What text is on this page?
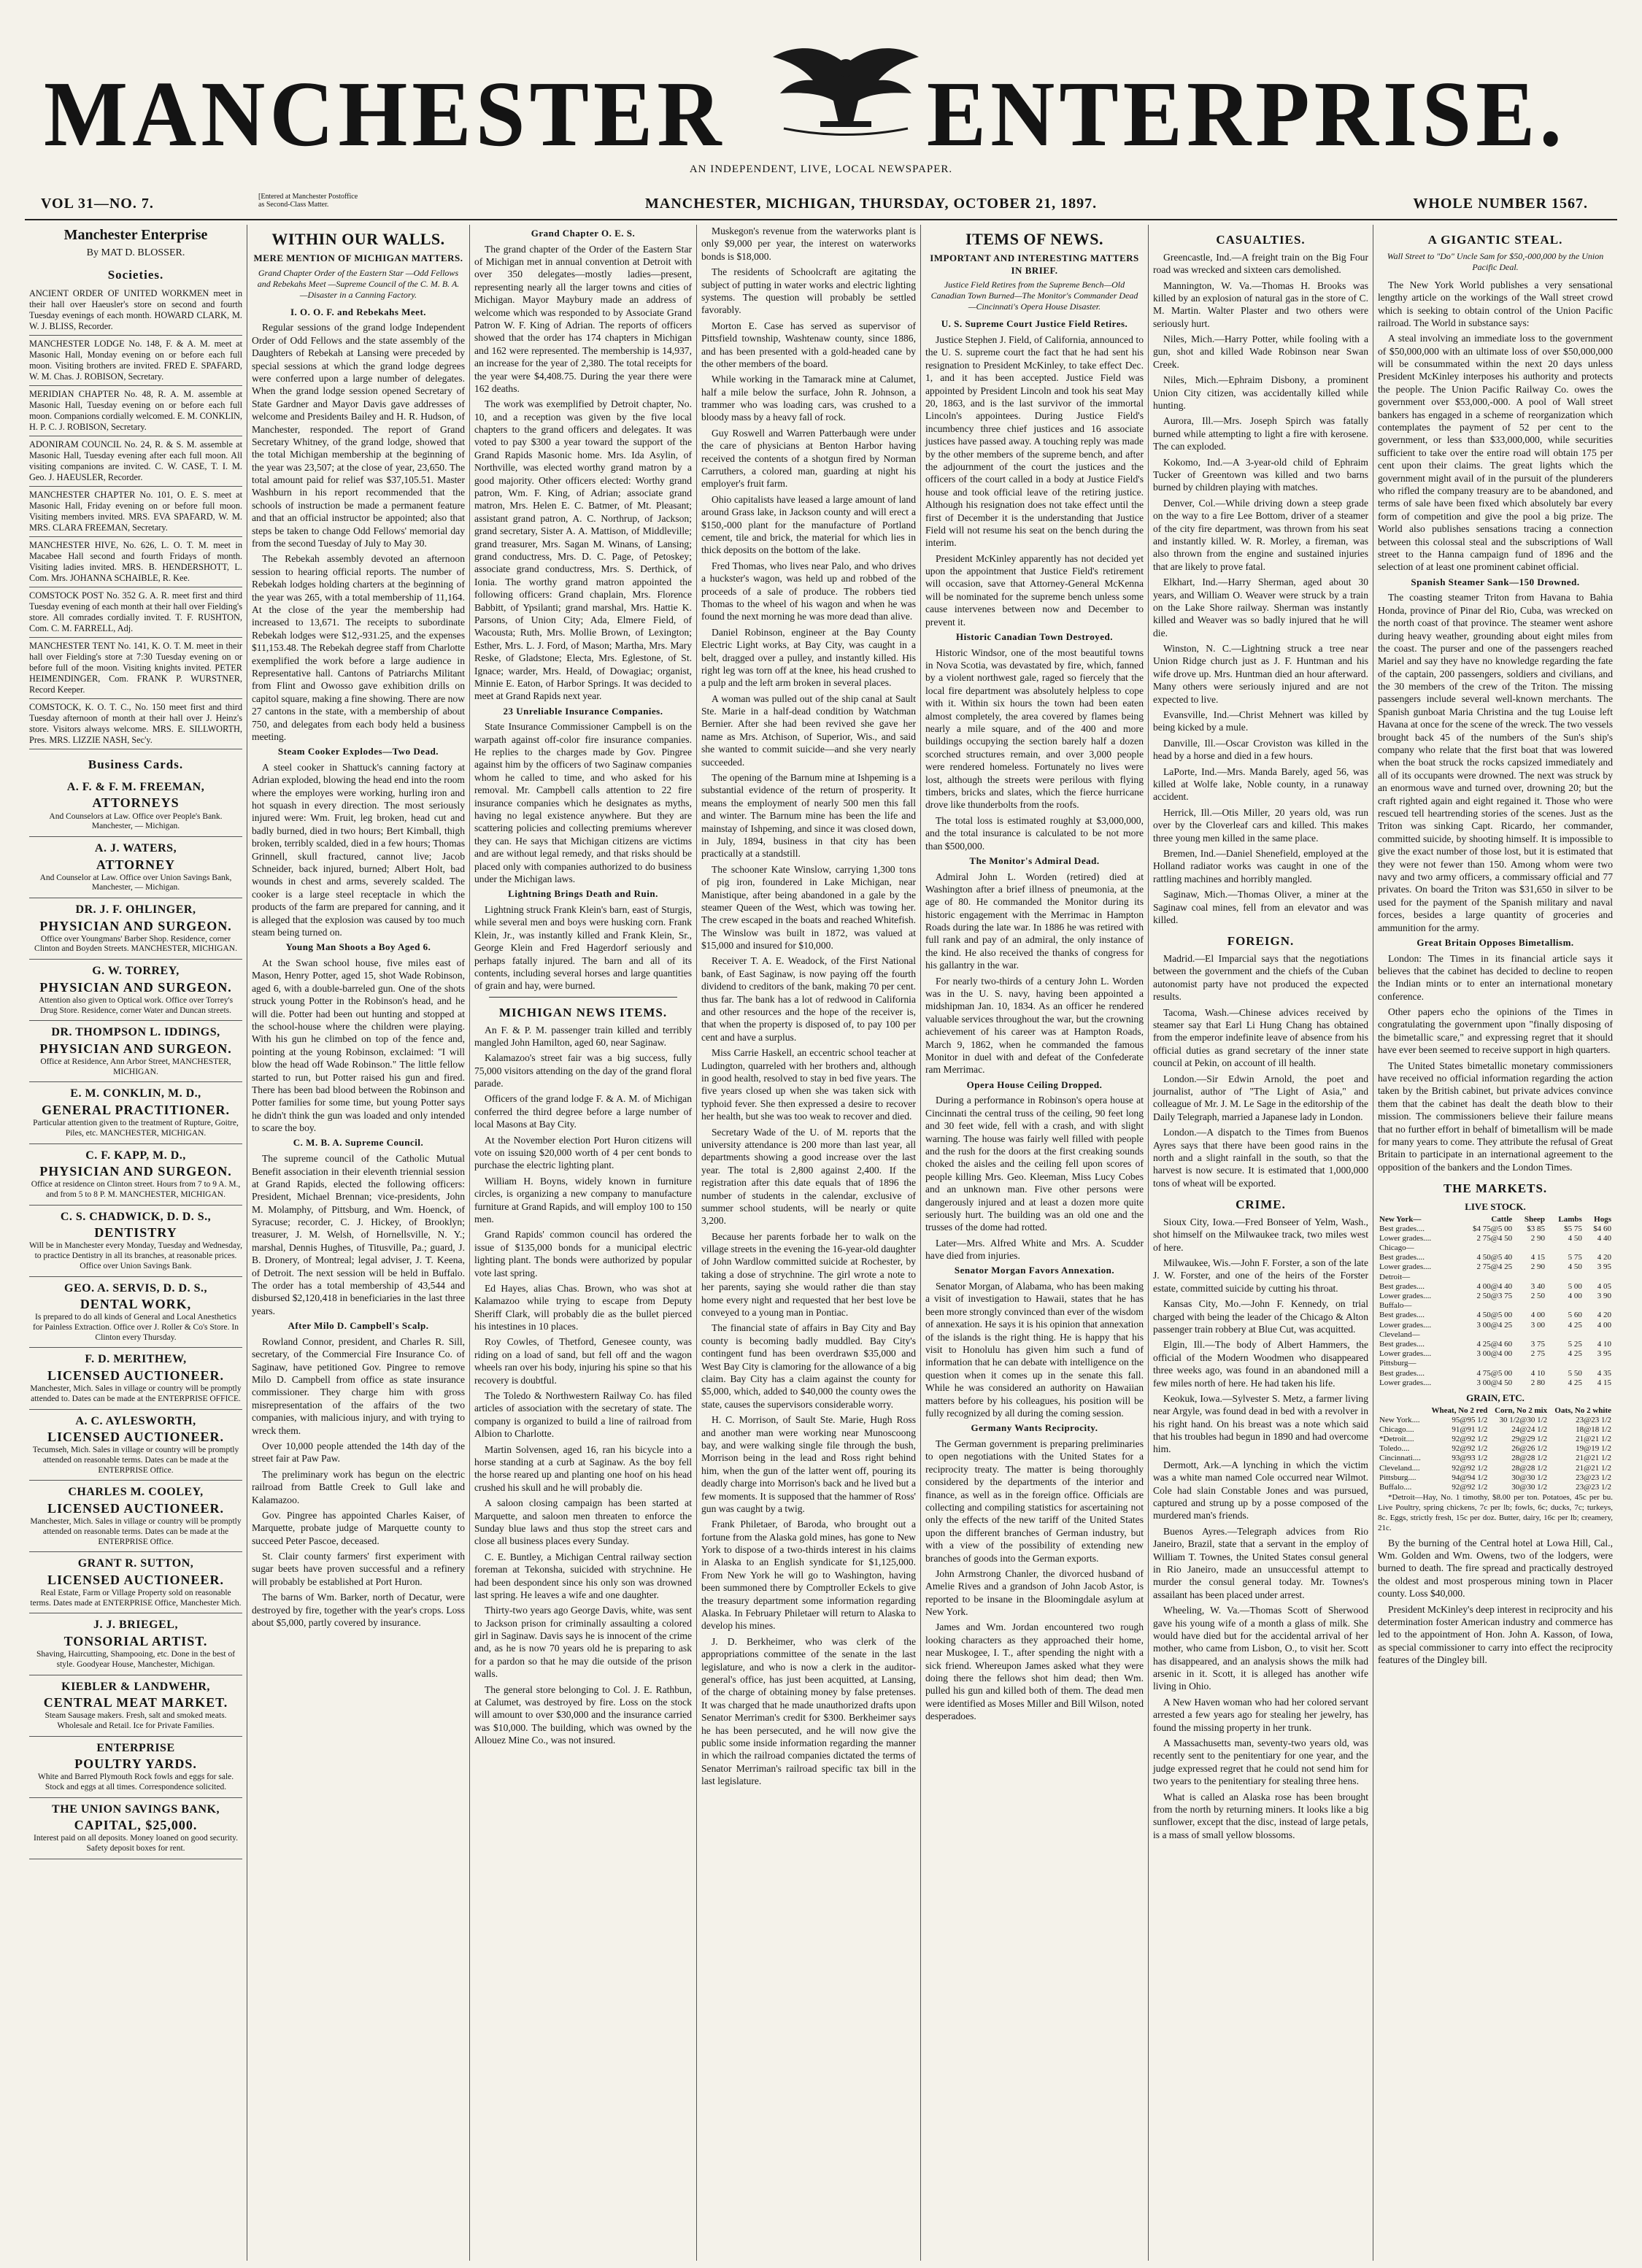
MANCHESTER ENTERPRISE.
AN INDEPENDENT, LIVE, LOCAL NEWSPAPER.
VOL 31—NO. 7.	[Entered at Manchester Postoffice as Second-Class Matter.	MANCHESTER, MICHIGAN, THURSDAY, OCTOBER 21, 1897.	WHOLE NUMBER 1567.
Manchester Enterprise
By MAT D. BLOSSER.
Societies.
ANCIENT ORDER OF UNITED WORKMEN meet in their hall over Haeusler's store on second and fourth Tuesday evenings of each month. HOWARD CLARK, M. W. J. BLISS, Recorder.
MANCHESTER LODGE No. 148, F. & A. M. meet at Masonic Hall, Monday evening on or before each full moon. Visiting brothers are invited. FRED E. SPAFARD, W. M. Chas. J. ROBISON, Secretary.
MERIDIAN CHAPTER No. 48, R. A. M. assemble at Masonic Hall, Tuesday evening on or before each full moon. Companions cordially welcomed. E. M. CONKLIN, H. P. C. J. ROBISON, Secretary.
ADONIRAM COUNCIL No. 24, R. & S. M. assemble at Masonic Hall, Tuesday evening after each full moon. All visiting companions are invited. C. W. CASE, T. I. M. Geo. J. HAEUSLER, Recorder.
MANCHESTER CHAPTER No. 101, O. E. S. meet at Masonic Hall, Friday evening on or before full moon. Visiting members invited. MRS. EVA SPAFARD, W. M. MRS. CLARA FREEMAN, Secretary.
MANCHESTER HIVE, No. 626, L. O. T. M. meet in Macabee Hall second and fourth Fridays of month. Visiting ladies invited. MRS. B. HENDERSHOTT, L. Com. Mrs. JOHANNA SCHAIBLE, R. Kee.
COMSTOCK POST No. 352 G. A. R. meet first and third Tuesday evening of each month at their hall over Fielding's store. All comrades cordially invited. T. F. RUSHTON, Com. C. M. FARRELL, Adj.
MANCHESTER TENT No. 141, K. O. T. M. meet in their hall over Fielding's store at 7:30 Tuesday evening on or before full of the moon. Visiting knights invited. PETER HEIMENDINGER, Com. FRANK P. WURSTNER, Record Keeper.
COMSTOCK, K. O. T. C., No. 150 meet first and third Tuesday afternoon of month at their hall over J. Heinz's store. Visitors always welcome. MRS. E. SILLWORTH, Pres. MRS. LIZZIE NASH, Sec'y.
Business Cards.
A. F. & F. M. FREEMAN,
ATTORNEYS
And Counselors at Law. Office over People's Bank. Manchester, — Michigan.
A. J. WATERS,
ATTORNEY
And Counselor at Law. Office over Union Savings Bank, Manchester, — Michigan.
DR. J. F. OHLINGER,
PHYSICIAN AND SURGEON.
Office over Youngmans' Barber Shop. Residence, corner Clinton and Boyden Streets. MANCHESTER, MICHIGAN.
G. W. TORREY,
PHYSICIAN AND SURGEON.
Attention also given to Optical work. Office over Torrey's Drug Store. Residence, corner Water and Duncan streets.
DR. THOMPSON L. IDDINGS,
PHYSICIAN AND SURGEON.
Office at Residence, Ann Arbor Street, MANCHESTER, MICHIGAN.
E. M. CONKLIN, M. D.,
GENERAL PRACTITIONER.
Particular attention given to the treatment of Rupture, Goitre, Piles, etc. MANCHESTER, MICHIGAN.
C. F. KAPP, M. D.,
PHYSICIAN AND SURGEON.
Office at residence on Clinton street. Hours from 7 to 9 A. M., and from 5 to 8 P. M. MANCHESTER, MICHIGAN.
C. S. CHADWICK, D. D. S.,
DENTISTRY
Will be in Manchester every Monday, Tuesday and Wednesday, to practice Dentistry in all its branches, at reasonable prices. Office over Union Savings Bank.
GEO. A. SERVIS, D. D. S.,
DENTAL WORK,
Is prepared to do all kinds of General and Local Anesthetics for Painless Extraction. Office over J. Roller & Co's Store. In Clinton every Thursday.
F. D. MERITHEW,
LICENSED AUCTIONEER.
Manchester, Mich. Sales in village or country will be promptly attended to. Dates can be made at the ENTERPRISE OFFICE.
A. C. AYLESWORTH,
LICENSED AUCTIONEER.
Tecumseh, Mich. Sales in village or country will be promptly attended on reasonable terms. Dates can be made at the ENTERPRISE Office.
CHARLES M. COOLEY,
LICENSED AUCTIONEER.
Manchester, Mich. Sales in village or country will be promptly attended on reasonable terms. Dates can be made at the ENTERPRISE Office.
GRANT R. SUTTON,
LICENSED AUCTIONEER.
Real Estate, Farm or Village Property sold on reasonable terms. Dates made at ENTERPRISE Office, Manchester Mich.
J. J. BRIEGEL,
TONSORIAL ARTIST.
Shaving, Haircutting, Shampooing, etc. Done in the best of style. Goodyear House, Manchester, Michigan.
KIEBLER & LANDWEHR,
CENTRAL MEAT MARKET.
Steam Sausage makers. Fresh, salt and smoked meats. Wholesale and Retail. Ice for Private Families.
ENTERPRISE
POULTRY YARDS.
White and Barred Plymouth Rock fowls and eggs for sale. Stock and eggs at all times. Correspondence solicited.
THE UNION SAVINGS BANK,
CAPITAL, $25,000.
Interest paid on all deposits. Money loaned on good security. Safety deposit boxes for rent.
WITHIN OUR WALLS.
MERE MENTION OF MICHIGAN MATTERS.
Grand Chapter Order of the Eastern Star —Odd Fellows and Rebekahs Meet —Supreme Council of the C. M. B. A. —Disaster in a Canning Factory.
I. O. O. F. and Rebekahs Meet.

Regular sessions of the grand lodge Independent Order of Odd Fellows and the state assembly of the Daughters of Rebekah at Lansing were preceded by special sessions at which the grand lodge degrees were conferred upon a large number of delegates. When the grand lodge session opened Secretary of State Gardner and Mayor Davis gave addresses of welcome and Presidents Bailey and H. R. Hudson, of Manchester, responded. The report of Grand Secretary Whitney, of the grand lodge, showed that the total Michigan membership at the beginning of the year was 23,507; at the close of year, 23,650. The total amount paid for relief was $37,105.51. Master Washburn in his report recommended that the schools of instruction be made a permanent feature and that an official instructor be appointed; also that steps be taken to change Odd Fellows' memorial day from the second Tuesday of July to May 30.

The Rebekah assembly devoted an afternoon session to hearing official reports. The number of Rebekah lodges holding charters at the beginning of the year was 265, with a total membership of 11,164. At the close of the year the membership had increased to 13,671. The receipts to subordinate Rebekah lodges were $12,-931.25, and the expenses $11,153.48. The Rebekah degree staff from Charlotte exemplified the work before a large audience in Representative hall. Cantons of Patriarchs Militant from Flint and Owosso gave exhibition drills on capitol square, making a fine showing. There are now 27 cantons in the state, with a membership of about 750, and delegates from each body held a business meeting.

Steam Cooker Explodes—Two Dead.

A steel cooker in Shattuck's canning factory at Adrian exploded, blowing the head end into the room where the employes were working, hurling iron and hot squash in every direction. The most seriously injured were: Wm. Fruit, leg broken, head cut and badly burned, died in two hours; Bert Kimball, thigh broken, terribly scalded, died in a few hours; Thomas Grinnell, skull fractured, cannot live; Jacob Schneider, back injured, burned; Albert Holt, bad wounds in chest and arms, severely scalded. The cooker is a large steel receptacle in which the products of the farm are prepared for canning, and it is alleged that the explosion was caused by too much steam being turned on.

Young Man Shoots a Boy Aged 6.

At the Swan school house, five miles east of Mason, Henry Potter, aged 15, shot Wade Robinson, aged 6, with a double-barreled gun. One of the shots struck young Potter in the Robinson's head, and he will die. Potter had been out hunting and stopped at the school-house where the children were playing. With his gun he climbed on top of the fence and, pointing at the young Robinson, exclaimed: "I will blow the head off Wade Robinson." The little fellow started to run, but Potter raised his gun and fired. There has been bad blood between the Robinson and Potter families for some time, but young Potter says he didn't think the gun was loaded and only intended to scare the boy.

C. M. B. A. Supreme Council.

The supreme council of the Catholic Mutual Benefit association in their eleventh triennial session at Grand Rapids, elected the following officers: President, Michael Brennan; vice-presidents, John M. Molamphy, of Pittsburg, and Wm. Hoenck, of Syracuse; recorder, C. J. Hickey, of Brooklyn; treasurer, J. M. Welsh, of Hornellsville, N. Y.; marshal, Dennis Hughes, of Titusville, Pa.; guard, J. B. Dronery, of Montreal; legal adviser, J. T. Keena, of Detroit. The next session will be held in Buffalo. The order has a total membership of 43,544 and disbursed $2,120,418 in beneficiaries in the last three years.

After Milo D. Campbell's Scalp.

Rowland Connor, president, and Charles R. Sill, secretary, of the Commercial Fire Insurance Co. of Saginaw, have petitioned Gov. Pingree to remove Milo D. Campbell from office as state insurance commissioner. They charge him with gross misrepresentation of the affairs of the two companies, with malicious injury, and with trying to wreck them.

Over 10,000 people attended the 14th day of the street fair at Paw Paw.

The preliminary work has begun on the electric railroad from Battle Creek to Gull lake and Kalamazoo.

Gov. Pingree has appointed Charles Kaiser, of Marquette, probate judge of Marquette county to succeed Peter Pascoe, deceased.

St. Clair county farmers' first experiment with sugar beets have proven successful and a refinery will probably be established at Port Huron.

The barns of Wm. Barker, north of Decatur, were destroyed by fire, together with the year's crops. Loss about $5,000, partly covered by insurance.

Grand Chapter O. E. S.

The grand chapter of the Order of the Eastern Star of Michigan met in annual convention at Detroit with over 350 delegates—mostly ladies—present, representing nearly all the larger towns and cities of Michigan. Mayor Maybury made an address of welcome which was responded to by Associate Grand Patron W. F. King of Adrian. The reports of officers showed that the order has 174 chapters in Michigan and 162 were represented. The membership is 14,937, an increase for the year of 2,380. The total receipts for the year were $4,408.75. During the year there were 162 deaths.

The work was exemplified by Detroit chapter, No. 10, and a reception was given by the five local chapters to the grand officers and delegates. It was voted to pay $300 a year toward the support of the Grand Rapids Masonic home. Mrs. Ida Asylin, of Northville, was elected worthy grand matron by a good majority. Other officers elected: Worthy grand patron, Wm. F. King, of Adrian; associate grand matron, Mrs. Helen E. C. Batmer, of Mt. Pleasant; assistant grand patron, A. C. Northrup, of Jackson; grand secretary, Sister A. A. Mattison, of Middleville; grand treasurer, Mrs. Sagan M. Winans, of Lansing; grand conductress, Mrs. D. C. Page, of Petoskey; associate grand conductress, Mrs. S. Derthick, of Ionia. The worthy grand matron appointed the following officers: Grand chaplain, Mrs. Florence Babbitt, of Ypsilanti; grand marshal, Mrs. Hattie K. Parsons, of Union City; Ada, Elmere Field, of Wacousta; Ruth, Mrs. Mollie Brown, of Lexington; Esther, Mrs. L. J. Ford, of Mason; Martha, Mrs. Mary Reske, of Gladstone; Electa, Mrs. Eglestone, of St. Ignace; warder, Mrs. Heald, of Dowagiac; organist, Minnie E. Eaton, of Harbor Springs. It was decided to meet at Grand Rapids next year.

23 Unreliable Insurance Companies.

State Insurance Commissioner Campbell is on the warpath against off-color fire insurance companies. He replies to the charges made by Gov. Pingree against him by the officers of two Saginaw companies whom he called to time, and who asked for his removal. Mr. Campbell calls attention to 22 fire insurance companies which he designates as myths, having no legal existence anywhere. But they are scattering policies and collecting premiums wherever they can. He says that Michigan citizens are victims and are without legal remedy, and that risks should be placed only with companies authorized to do business under the Michigan laws.

Lightning Brings Death and Ruin.

Lightning struck Frank Klein's barn, east of Sturgis, while several men and boys were husking corn. Frank Klein, Jr., was instantly killed and Frank Klein, Sr., George Klein and Fred Hagerdorf seriously and perhaps fatally injured. The barn and all of its contents, including several horses and large quantities of grain and hay, were burned.

MICHIGAN NEWS ITEMS.

An F. & P. M. passenger train killed and terribly mangled John Hamilton, aged 60, near Saginaw.

Kalamazoo's street fair was a big success, fully 75,000 visitors attending on the day of the grand floral parade.

Officers of the grand lodge F. & A. M. of Michigan conferred the third degree before a large number of local Masons at Bay City.

At the November election Port Huron citizens will vote on issuing $20,000 worth of 4 per cent bonds to purchase the electric lighting plant.

William H. Boyns, widely known in furniture circles, is organizing a new company to manufacture furniture at Grand Rapids, and will employ 100 to 150 men.

Grand Rapids' common council has ordered the issue of $135,000 bonds for a municipal electric lighting plant. The bonds were authorized by popular vote last spring.

Ed Hayes, alias Chas. Brown, who was shot at Kalamazoo while trying to escape from Deputy Sheriff Clark, will probably die as the bullet pierced his intestines in 10 places.

Roy Cowles, of Thetford, Genesee county, was riding on a load of sand, but fell off and the wagon wheels ran over his body, injuring his spine so that his recovery is doubtful.

The Toledo & Northwestern Railway Co. has filed articles of association with the secretary of state. The company is organized to build a line of railroad from Albion to Charlotte.

Martin Solvensen, aged 16, ran his bicycle into a horse standing at a curb at Saginaw. As the boy fell the horse reared up and planting one hoof on his head crushed his skull and he will probably die.

A saloon closing campaign has been started at Marquette, and saloon men threaten to enforce the Sunday blue laws and thus stop the street cars and close all business places every Sunday.

C. E. Buntley, a Michigan Central railway section foreman at Tekonsha, suicided with strychnine. He had been despondent since his only son was drowned last spring. He leaves a wife and one daughter.

Thirty-two years ago George Davis, white, was sent to Jackson prison for criminally assaulting a colored girl in Saginaw. Davis says he is innocent of the crime and, as he is now 70 years old he is preparing to ask for a pardon so that he may die outside of the prison walls.

The general store belonging to Col. J. E. Rathbun, at Calumet, was destroyed by fire. Loss on the stock will amount to over $30,000 and the insurance carried was $10,000. The building, which was owned by the Allouez Mine Co., was not insured.

Muskegon's revenue from the waterworks plant is only $9,000 per year, the interest on waterworks bonds is $18,000.

The residents of Schoolcraft are agitating the subject of putting in water works and electric lighting systems. The question will probably be settled favorably.

Morton E. Case has served as supervisor of Pittsfield township, Washtenaw county, since 1886, and has been presented with a gold-headed cane by the other members of the board.

While working in the Tamarack mine at Calumet, half a mile below the surface, John R. Johnson, a trammer who was loading cars, was crushed to a bloody mass by a heavy fall of rock.

Guy Roswell and Warren Patterbaugh were under the care of physicians at Benton Harbor having received the contents of a shotgun fired by Norman Carruthers, a colored man, guarding at night his employer's fruit farm.

Ohio capitalists have leased a large amount of land around Grass lake, in Jackson county and will erect a $150,-000 plant for the manufacture of Portland cement, tile and brick, the material for which lies in thick deposits on the bottom of the lake.

Fred Thomas, who lives near Palo, and who drives a huckster's wagon, was held up and robbed of the proceeds of a sale of produce. The robbers tied Thomas to the wheel of his wagon and when he was found the next morning he was more dead than alive.

Daniel Robinson, engineer at the Bay County Electric Light works, at Bay City, was caught in a belt, dragged over a pulley, and instantly killed. His right leg was torn off at the knee, his head crushed to a pulp and the left arm broken in several places.

A woman was pulled out of the ship canal at Sault Ste. Marie in a half-dead condition by Watchman Bernier. After she had been revived she gave her name as Mrs. Atchison, of Superior, Wis., and said she wanted to commit suicide—and she very nearly succeeded.

The opening of the Barnum mine at Ishpeming is a substantial evidence of the return of prosperity. It means the employment of nearly 500 men this fall and winter. The Barnum mine has been the life and mainstay of Ishpeming, and since it was closed down, in July, 1894, business in that city has been practically at a standstill.

The schooner Kate Winslow, carrying 1,300 tons of pig iron, foundered in Lake Michigan, near Manistique, after being abandoned in a gale by the steamer Queen of the West, which was towing her. The crew escaped in the boats and reached Whitefish. The Winslow was built in 1872, was valued at $15,000 and insured for $10,000.

Receiver T. A. E. Weadock, of the First National bank, of East Saginaw, is now paying off the fourth dividend to creditors of the bank, making 70 per cent. thus far. The bank has a lot of redwood in California and other resources and the hope of the receiver is, that when the property is disposed of, to pay 100 per cent and have a surplus.

Miss Carrie Haskell, an eccentric school teacher at Ludington, quarreled with her brothers and, although in good health, resolved to stay in bed five years. The five years closed up when she was taken sick with typhoid fever. She then expressed a desire to recover her health, but she was too weak to recover and died.

Secretary Wade of the U. of M. reports that the university attendance is 200 more than last year, all departments showing a good increase over the last year. The total is 2,800 against 2,400. If the registration after this date equals that of 1896 the number of students in the calendar, exclusive of summer school students, will be nearly or quite 3,200.

Because her parents forbade her to walk on the village streets in the evening the 16-year-old daughter of John Wardlow committed suicide at Rochester, by taking a dose of strychnine. The girl wrote a note to her parents, saying she would rather die than stay home every night and requested that her best love be conveyed to a young man in Pontiac.

The financial state of affairs in Bay City and Bay county is becoming badly muddled. Bay City's contingent fund has been overdrawn $35,000 and West Bay City is clamoring for the allowance of a big claim. Bay City has a claim against the county for $5,000, which, added to $40,000 the county owes the state, causes the supervisors considerable worry.

H. C. Morrison, of Sault Ste. Marie, Hugh Ross and another man were working near Munoscoong bay, and were walking single file through the bush, Morrison being in the lead and Ross right behind him, when the gun of the latter went off, pouring its deadly charge into Morrison's back and he lived but a few moments. It is supposed that the hammer of Ross' gun was caught by a twig.

Frank Philetaer, of Baroda, who brought out a fortune from the Alaska gold mines, has gone to New York to dispose of a two-thirds interest in his claims in Alaska to an English syndicate for $1,125,000. From New York he will go to Washington, having been summoned there by Comptroller Eckels to give the treasury department some information regarding Alaska. In February Philetaer will return to Alaska to develop his mines.

J. D. Berkheimer, who was clerk of the appropriations committee of the senate in the last legislature, and who is now a clerk in the auditor-general's office, has just been acquitted, at Lansing, of the charge of obtaining money by false pretenses. It was charged that he made unauthorized drafts upon Senator Merriman's credit for $300. Berkheimer says he has been persecuted, and he will now give the public some inside information regarding the manner in which the railroad companies dictated the terms of Senator Merriman's railroad specific tax bill in the last legislature.

ITEMS OF NEWS.
IMPORTANT AND INTERESTING MATTERS IN BRIEF.
Justice Field Retires from the Supreme Bench—Old Canadian Town Burned—The Monitor's Commander Dead—Cincinnati's Opera House Disaster.
U. S. Supreme Court Justice Field Retires.

Justice Stephen J. Field, of California, announced to the U. S. supreme court the fact that he had sent his resignation to President McKinley, to take effect Dec. 1, and it has been accepted. Justice Field was appointed by President Lincoln and took his seat May 20, 1863, and is the last survivor of the immortal Lincoln's appointees. During Justice Field's incumbency three chief justices and 16 associate justices have passed away. A touching reply was made by the other members of the supreme bench, and after the adjournment of the court the justices and the officers of the court called in a body at Justice Field's house and took official leave of the retiring justice. Although his resignation does not take effect until the first of December it is the understanding that Justice Field will not resume his seat on the bench during the interim.

President McKinley apparently has not decided yet upon the appointment that Justice Field's retirement will occasion, save that Attorney-General McKenna will be nominated for the supreme bench unless some cause intervenes between now and December to prevent it.

Historic Canadian Town Destroyed.

Historic Windsor, one of the most beautiful towns in Nova Scotia, was devastated by fire, which, fanned by a violent northwest gale, raged so fiercely that the local fire department was absolutely helpless to cope with it. Within six hours the town had been eaten almost completely, the area covered by flames being nearly a mile square, and of the 400 and more buildings occupying the section barely half a dozen scorched structures remain, and over 3,000 people were rendered homeless. Fortunately no lives were lost, although the streets were perilous with flying timbers, bricks and slates, which the fierce hurricane drove like thunderbolts from the roofs.

The total loss is estimated roughly at $3,000,000, and the total insurance is calculated to be not more than $500,000.

The Monitor's Admiral Dead.

Admiral John L. Worden (retired) died at Washington after a brief illness of pneumonia, at the age of 80. He commanded the Monitor during its historic engagement with the Merrimac in Hampton Roads during the late war. In 1886 he was retired with full rank and pay of an admiral, the only instance of the kind. He also received the thanks of congress for his gallantry in the war.

For nearly two-thirds of a century John L. Worden was in the U. S. navy, having been appointed a midshipman Jan. 10, 1834. As an officer he rendered valuable services throughout the war, but the crowning achievement of his career was at Hampton Roads, March 9, 1862, when he commanded the famous Monitor in duel with and defeat of the Confederate ram Merrimac.

Opera House Ceiling Dropped.

During a performance in Robinson's opera house at Cincinnati the central truss of the ceiling, 90 feet long and 30 feet wide, fell with a crash, and with slight warning. The house was fairly well filled with people and the rush for the doors at the first creaking sounds choked the aisles and the ceiling fell upon scores of people killing Mrs. Geo. Kleeman, Miss Lucy Cobes and an unknown man. Five other persons were dangerously injured and at least a dozen more quite seriously hurt. The building was an old one and the trusses of the dome had rotted.

Later—Mrs. Alfred White and Mrs. A. Scudder have died from injuries.

Senator Morgan Favors Annexation.

Senator Morgan, of Alabama, who has been making a visit of investigation to Hawaii, states that he has been more strongly convinced than ever of the wisdom of annexation. He says it is his opinion that annexation of the islands is the right thing. He is happy that his visit to Honolulu has given him such a fund of information that he can debate with intelligence on the question when it comes up in the senate this fall. While he was considered an authority on Hawaiian matters before by his colleagues, his position will be fully recognized by all during the coming session.

Germany Wants Reciprocity.

The German government is preparing preliminaries to open negotiations with the United States for a reciprocity treaty. The matter is being thoroughly considered by the departments of the interior and finance, as well as in the foreign office. Officials are collecting and compiling statistics for ascertaining not only the effects of the new tariff of the United States upon the different branches of German industry, but with a view of the possibility of extending new branches of goods into the German exports.

John Armstrong Chanler, the divorced husband of Amelie Rives and a grandson of John Jacob Astor, is reported to be insane in the Bloomingdale asylum at New York.

James and Wm. Jordan encountered two rough looking characters as they approached their home, near Muskogee, I. T., after spending the night with a sick friend. Whereupon James asked what they were doing there the fellows shot him dead; then Wm. pulled his gun and killed both of them. The dead men were identified as Moses Miller and Bill Wilson, noted desperadoes.

CASUALTIES.

Greencastle, Ind.—A freight train on the Big Four road was wrecked and sixteen cars demolished.

Mannington, W. Va.—Thomas H. Brooks was killed by an explosion of natural gas in the store of C. M. Martin. Walter Plaster and two others were seriously hurt.

Niles, Mich.—Harry Potter, while fooling with a gun, shot and killed Wade Robinson near Swan Creek.

Niles, Mich.—Ephraim Disbony, a prominent Union City citizen, was accidentally killed while hunting.

Aurora, Ill.—Mrs. Joseph Spirch was fatally burned while attempting to light a fire with kerosene. The can exploded.

Kokomo, Ind.—A 3-year-old child of Ephraim Tucker of Greentown was killed and two barns burned by children playing with matches.

Denver, Col.—While driving down a steep grade on the way to a fire Lee Bottom, driver of a steamer of the city fire department, was thrown from his seat and instantly killed. W. R. Morley, a fireman, was also thrown from the engine and sustained injuries that are likely to prove fatal.

Elkhart, Ind.—Harry Sherman, aged about 30 years, and William O. Weaver were struck by a train on the Lake Shore railway. Sherman was instantly killed and Weaver was so badly injured that he will die.

Winston, N. C.—Lightning struck a tree near Union Ridge church just as J. F. Huntman and his wife drove up. Mrs. Huntman died an hour afterward. Many others were seriously injured and are not expected to live.

Evansville, Ind.—Christ Mehnert was killed by being kicked by a mule.

Danville, Ill.—Oscar Croviston was killed in the head by a horse and died in a few hours.

LaPorte, Ind.—Mrs. Manda Barely, aged 56, was killed at Wolfe lake, Noble county, in a runaway accident.

Herrick, Ill.—Otis Miller, 20 years old, was run over by the Cloverleaf cars and killed. This makes three young men killed in the same place.

Bremen, Ind.—Daniel Shenefield, employed at the Holland radiator works was caught in one of the rattling machines and horribly mangled.

Saginaw, Mich.—Thomas Oliver, a miner at the Saginaw coal mines, fell from an elevator and was killed.

FOREIGN.

Madrid.—El Imparcial says that the negotiations between the government and the chiefs of the Cuban autonomist party have not produced the expected results.

Tacoma, Wash.—Chinese advices received by steamer say that Earl Li Hung Chang has obtained from the emperor indefinite leave of absence from his official duties as grand secretary of the inner state council at Pekin, on account of ill health.

London.—Sir Edwin Arnold, the poet and journalist, author of "The Light of Asia," and colleague of Mr. J. M. Le Sage in the editorship of the Daily Telegraph, married a Japanese lady in London.

London.—A dispatch to the Times from Buenos Ayres says that there have been good rains in the north and a slight rainfall in the south, so that the harvest is now secure. It is estimated that 1,000,000 tons of wheat will be exported.

CRIME.

Sioux City, Iowa.—Fred Bonseer of Yelm, Wash., shot himself on the Milwaukee track, two miles west of here.

Milwaukee, Wis.—John F. Forster, a son of the late J. W. Forster, and one of the heirs of the Forster estate, committed suicide by cutting his throat.

Kansas City, Mo.—John F. Kennedy, on trial charged with being the leader of the Chicago & Alton passenger train robbery at Blue Cut, was acquitted.

Elgin, Ill.—The body of Albert Hammers, the official of the Modern Woodmen who disappeared three weeks ago, was found in an abandoned mill a few miles north of here. He had taken his life.

Keokuk, Iowa.—Sylvester S. Metz, a farmer living near Argyle, was found dead in bed with a revolver in his right hand. On his breast was a note which said that his troubles had begun in 1890 and had overcome him.

Dermott, Ark.—A lynching in which the victim was a white man named Cole occurred near Wilmot. Cole had slain Constable Jones and was pursued, captured and strung up by a posse composed of the murdered man's friends.

Buenos Ayres.—Telegraph advices from Rio Janeiro, Brazil, state that a servant in the employ of William T. Townes, the United States consul general in Rio Janeiro, made an unsuccessful attempt to murder the consul general today. Mr. Townes's assailant has been placed under arrest.

Wheeling, W. Va.—Thomas Scott of Sherwood gave his young wife of a month a glass of milk. She would have died but for the accidental arrival of her mother, who came from Lisbon, O., to visit her. Scott has disappeared, and an analysis shows the milk had arsenic in it. Scott, it is alleged has another wife living in Ohio.

A New Haven woman who had her colored servant arrested a few years ago for stealing her jewelry, has found the missing property in her trunk.

A Massachusetts man, seventy-two years old, was recently sent to the penitentiary for one year, and the judge expressed regret that he could not send him for two years to the penitentiary for stealing three hens.

What is called an Alaska rose has been brought from the north by returning miners. It looks like a big sunflower, except that the disc, instead of large petals, is a mass of small yellow blossoms.

A GIGANTIC STEAL.
Wall Street to "Do" Uncle Sam for $50,-000,000 by the Union Pacific Deal.

The New York World publishes a very sensational lengthy article on the workings of the Wall street crowd which is seeking to obtain control of the Union Pacific railroad. The World in substance says:

A steal involving an immediate loss to the government of $50,000,000 with an ultimate loss of over $50,000,000 will be consummated within the next 20 days unless President McKinley interposes his authority and protects the people. The Union Pacific Railway Co. owes the government over $53,000,-000. A pool of Wall street bankers has engaged in a scheme of reorganization which contemplates the payment of 52 per cent to the government, or less than $33,000,000, while securities sufficient to take over the entire road will obtain 175 per cent upon their claims. The great lights which the government might avail of in the pursuit of the plunderers who rifled the company treasury are to be abandoned, and terms of sale have been fixed which absolutely bar every form of competition and give the pool a big prize. The World also publishes sensations tracing a connection between this colossal steal and the subscriptions of Wall street to the Hanna campaign fund of 1896 and the selection of at least one prominent cabinet official.

Spanish Steamer Sank—150 Drowned.

The coasting steamer Triton from Havana to Bahia Honda, province of Pinar del Rio, Cuba, was wrecked on the north coast of that province. The steamer went ashore during heavy weather, grounding about eight miles from the coast. The purser and one of the passengers reached Mariel and say they have no knowledge regarding the fate of the captain, 200 passengers, soldiers and civilians, and the 30 members of the crew of the Triton. The missing passengers include several well-known merchants. The Spanish gunboat Maria Christina and the tug Louise left Havana at once for the scene of the wreck. The two vessels brought back 45 of the numbers of the Sun's ship's company who relate that the first boat that was lowered when the boat struck the rocks capsized immediately and all of its occupants were drowned. The next was struck by an enormous wave and turned over, drowning 20; but the craft righted again and eight regained it. Those who were rescued tell heartrending stories of the scenes. Just as the Triton was sinking Capt. Ricardo, her commander, committed suicide, by shooting himself. It is impossible to give the exact number of those lost, but it is estimated that they were not fewer than 150. Among whom were two navy and two army officers, a commissary official and 77 privates. On board the Triton was $31,650 in silver to be used for the payment of the Spanish military and naval forces, besides a large quantity of groceries and ammunition for the army.

Great Britain Opposes Bimetallism.

London: The Times in its financial article says it believes that the cabinet has decided to decline to reopen the Indian mints or to enter an international monetary conference.

Other papers echo the opinions of the Times in congratulating the government upon "finally disposing of the bimetallic scare," and expressing regret that it should have ever been seemed to receive support in high quarters.

The United States bimetallic monetary commissioners have received no official information regarding the action taken by the British cabinet, but private advices convince them that the cabinet has dealt the death blow to their mission. The commissioners believe their failure means that no further effort in behalf of bimetallism will be made for many years to come. They attribute the refusal of Great Britain to participate in an international agreement to the opposition of the bankers and the London Times.

THE MARKETS.
LIVE STOCK.
New York—	Cattle	Sheep	Lambs	Hogs
Best grades....	$4 75@5 00	$3 85	$5 75	$4 60
Lower grades....	2 75@4 50	2 90	4 50	4 40
Chicago—				
Best grades....	4 50@5 40	4 15	5 75	4 20
Lower grades....	2 75@4 25	2 90	4 50	3 95
Detroit—				
Best grades....	4 00@4 40	3 40	5 00	4 05
Lower grades....	2 50@3 75	2 50	4 00	3 90
Buffalo—				
Best grades....	4 50@5 00	4 00	5 60	4 20
Lower grades....	3 00@4 25	3 00	4 25	4 00
Cleveland—				
Best grades....	4 25@4 60	3 75	5 25	4 10
Lower grades....	3 00@4 00	2 75	4 25	3 95
Pittsburg—				
Best grades....	4 75@5 00	4 10	5 50	4 35
Lower grades....	3 00@4 50	2 80	4 25	4 15
GRAIN, ETC.
	Wheat, No 2 red	Corn, No 2 mix	Oats, No 2 white
New York....	95@95 1/2	30 1/2@30 1/2	23@23 1/2
Chicago....	91@91 1/2	24@24 1/2	18@18 1/2
*Detroit....	92@92 1/2	29@29 1/2	21@21 1/2
Toledo....	92@92 1/2	26@26 1/2	19@19 1/2
Cincinnati....	93@93 1/2	28@28 1/2	21@21 1/2
Cleveland....	92@92 1/2	28@28 1/2	21@21 1/2
Pittsburg....	94@94 1/2	30@30 1/2	23@23 1/2
Buffalo....	92@92 1/2	30@30 1/2	23@23 1/2

*Detroit—Hay, No. 1 timothy, $8.00 per ton. Potatoes, 45c per bu. Live Poultry, spring chickens, 7c per lb; fowls, 6c; ducks, 7c; turkeys, 8c. Eggs, strictly fresh, 15c per doz. Butter, dairy, 16c per lb; creamery, 21c.

By the burning of the Central hotel at Lowa Hill, Cal., Wm. Golden and Wm. Owens, two of the lodgers, were burned to death. The fire spread and practically destroyed the oldest and most prosperous mining town in Placer county. Loss $40,000.

President McKinley's deep interest in reciprocity and his determination foster American industry and commerce has led to the appointment of Hon. John A. Kasson, of Iowa, as special commissioner to carry into effect the reciprocity features of the Dingley bill.
